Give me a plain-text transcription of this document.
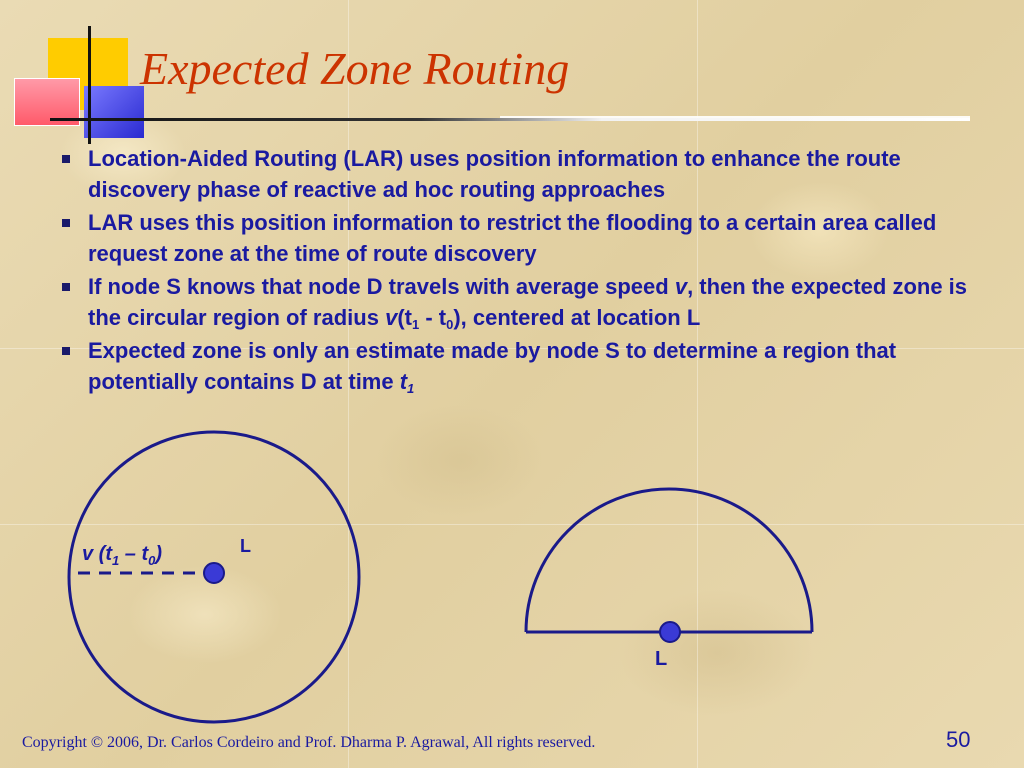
Expected Zone Routing
Location-Aided Routing (LAR) uses position information to enhance the route discovery phase of reactive ad hoc routing approaches
LAR uses this position information to restrict the flooding to a certain area called request zone at the time of route discovery
If node S knows that node D travels with average speed v, then the expected zone is the circular region of radius $v(t_1 - t_0)$, centered at location L
Expected zone is only an estimate made by node S to determine a region that potentially contains D at time $t_1$
v $(t_1 - t_0)$	L
L
Copyright © 2006, Dr. Carlos Cordeiro and Prof. Dharma P. Agrawal, All rights reserved.	50
